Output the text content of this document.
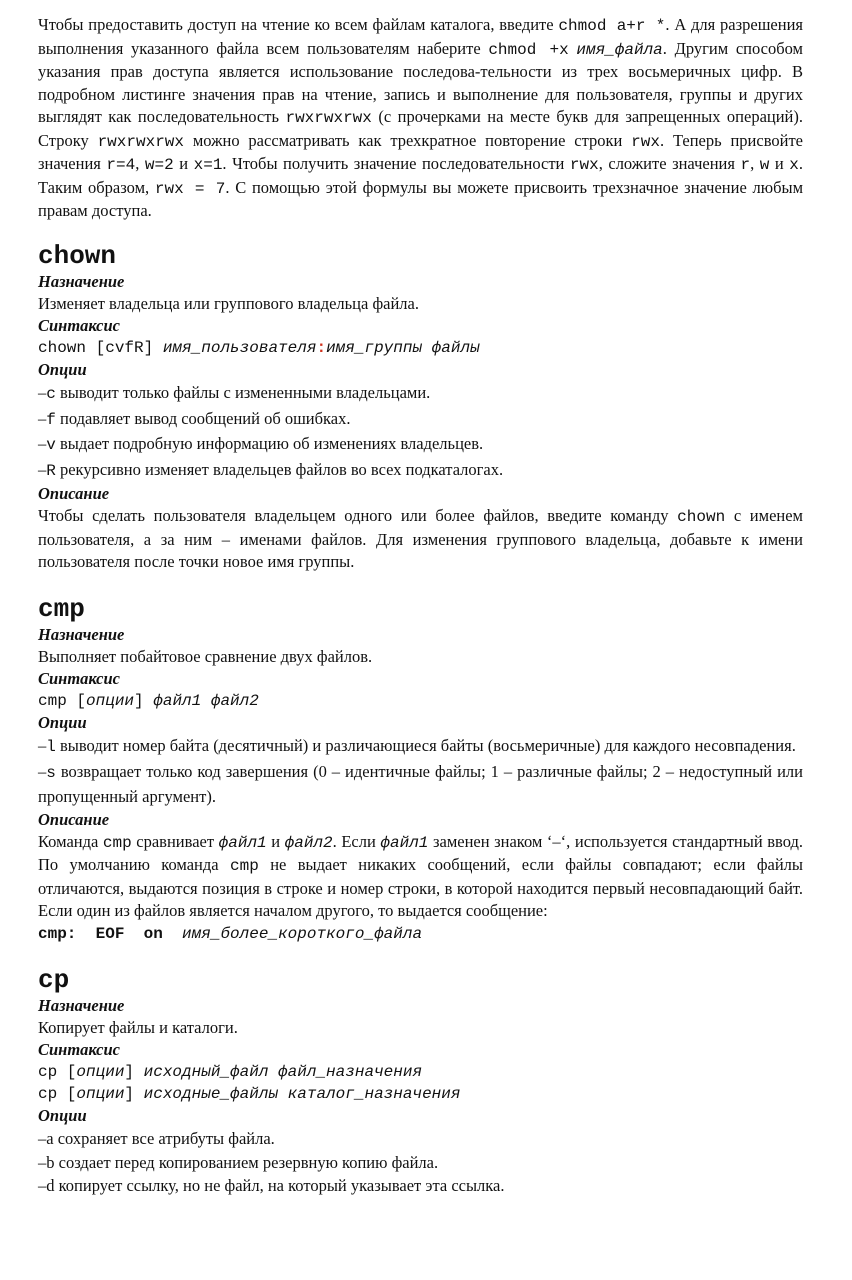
Чтобы предоставить доступ на чтение ко всем файлам каталога, введите chmod a+r *. А для разрешения выполнения указанного файла всем пользователям наберите chmod +x имя_файла. Другим способом указания прав доступа является использование последова-тельности из трех восьмеричных цифр. В подробном листинге значения прав на чтение, запись и выполнение для пользователя, группы и других выглядят как последовательность rwxrwxrwx (с прочерками на месте букв для запрещенных операций). Строку rwxrwxrwx можно рассматривать как трехкратное повторение строки rwx. Теперь присвойте значения r=4, w=2 и x=1. Чтобы получить значение последовательности rwx, сложите значения r, w и x. Таким образом, rwx = 7. С помощью этой формулы вы можете присвоить трехзначное значение любым правам доступа.

chown

Назначение

Изменяет владельца или группового владельца файла.

Синтаксис

chown [cvfR] имя_пользователя:имя_группы файлы

Опции

–c выводит только файлы с измененными владельцами.

–f подавляет вывод сообщений об ошибках.

–v выдает подробную информацию об изменениях владельцев.

–R рекурсивно изменяет владельцев файлов во всех подкаталогах.

Описание

Чтобы сделать пользователя владельцем одного или более файлов, введите команду chown с именем пользователя, а за ним – именами файлов. Для изменения группового владельца, добавьте к имени пользователя после точки новое имя группы.

cmp

Назначение

Выполняет побайтовое сравнение двух файлов.

Синтаксис

cmp [опции] файл1 файл2

Опции

–l выводит номер байта (десятичный) и различающиеся байты (восьмеричные) для каждого несовпадения.

–s возвращает только код завершения (0 – идентичные файлы; 1 – различные файлы; 2 – недоступный или пропущенный аргумент).

Описание

Команда cmp сравнивает файл1 и файл2. Если файл1 заменен знаком ‘–‘, используется стандартный ввод. По умолчанию команда cmp не выдает никаких сообщений, если файлы совпадают; если файлы отличаются, выдаются позиция в строке и номер строки, в которой находится первый несовпадающий байт. Если один из файлов является началом другого, то выдается сообщение:

cmp:  EOF  on  имя_более_короткого_файла

cp

Назначение

Копирует файлы и каталоги.

Синтаксис

cp [опции] исходный_файл файл_назначения

cp [опции] исходные_файлы каталог_назначения

Опции

–a сохраняет все атрибуты файла.

–b создает перед копированием резервную копию файла.

–d копирует ссылку, но не файл, на который указывает эта ссылка.
